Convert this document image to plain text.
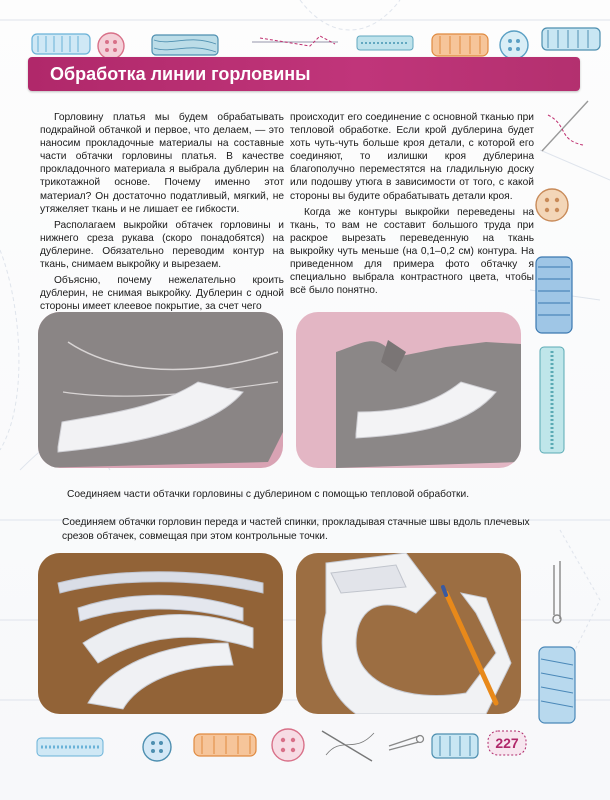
Обработка линии горловины

Горловину платья мы будем обрабатывать подкрайной обтачкой и первое, что делаем, — это наносим прокладочные материалы на составные части обтачки горловины платья. В качестве прокладочного материала я выбрала дублерин на трикотажной основе. Почему именно этот материал? Он достаточно податливый, мягкий, не утяжеляет ткань и не лишает ее гибкости.

Располагаем выкройки обтачек горловины и нижнего среза рукава (скоро понадобятся) на дублерине. Обязательно переводим контур на ткань, снимаем выкройку и вырезаем.

Объясню, почему нежелательно кроить дублерин, не снимая выкройку. Дублерин с одной стороны имеет клеевое покрытие, за счет чего

происходит его соединение с основной тканью при тепловой обработке. Если крой дублерина будет хоть чуть-чуть больше кроя детали, с которой его соединяют, то излишки кроя дублерина благополучно переместятся на гладильную доску или подошву утюга в зависимости от того, с какой стороны вы будите обрабатывать детали кроя.

Когда же контуры выкройки переведены на ткань, то вам не составит большого труда при раскрое вырезать переведенную на ткань выкройку чуть меньше (на 0,1–0,2 см) контура. На приведенном для примера фото обтачку я специально выбрала контрастного цвета, чтобы всё было понятно.

Соединяем части обтачки горловины с дублерином с помощью тепловой обработки.
Соединяем обтачки горловин переда и частей спинки, прокладывая стачные швы вдоль плечевых срезов обтачек, совмещая при этом контрольные точки.
227
